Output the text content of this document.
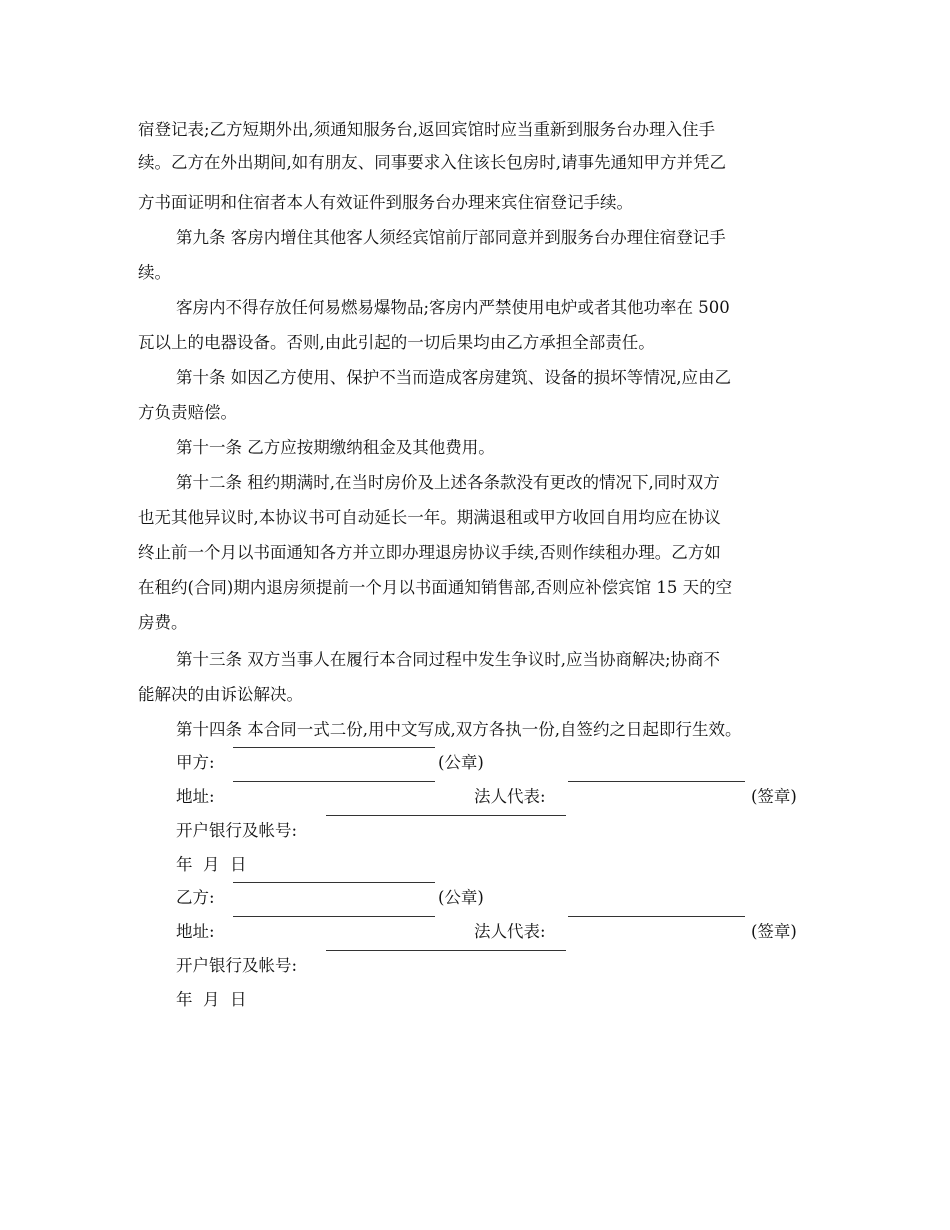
宿登记表;乙方短期外出,须通知服务台,返回宾馆时应当重新到服务台办理入住手
续。乙方在外出期间,如有朋友、同事要求入住该长包房时,请事先通知甲方并凭乙
方书面证明和住宿者本人有效证件到服务台办理来宾住宿登记手续。
第九条 客房内增住其他客人须经宾馆前厅部同意并到服务台办理住宿登记手
续。
客房内不得存放任何易燃易爆物品;客房内严禁使用电炉或者其他功率在 500
瓦以上的电器设备。否则,由此引起的一切后果均由乙方承担全部责任。
第十条 如因乙方使用、保护不当而造成客房建筑、设备的损坏等情况,应由乙
方负责赔偿。
第十一条 乙方应按期缴纳租金及其他费用。
第十二条 租约期满时,在当时房价及上述各条款没有更改的情况下,同时双方
也无其他异议时,本协议书可自动延长一年。期满退租或甲方收回自用均应在协议
终止前一个月以书面通知各方并立即办理退房协议手续,否则作续租办理。乙方如
在租约(合同)期内退房须提前一个月以书面通知销售部,否则应补偿宾馆 15 天的空
房费。
第十三条 双方当事人在履行本合同过程中发生争议时,应当协商解决;协商不
能解决的由诉讼解决。
第十四条 本合同一式二份,用中文写成,双方各执一份,自签约之日起即行生效。
甲方:	(公章)
地址:	法人代表:	(签章)
开户银行及帐号:
年  月  日
乙方:	(公章)
地址:	法人代表:	(签章)
开户银行及帐号:
年  月  日
